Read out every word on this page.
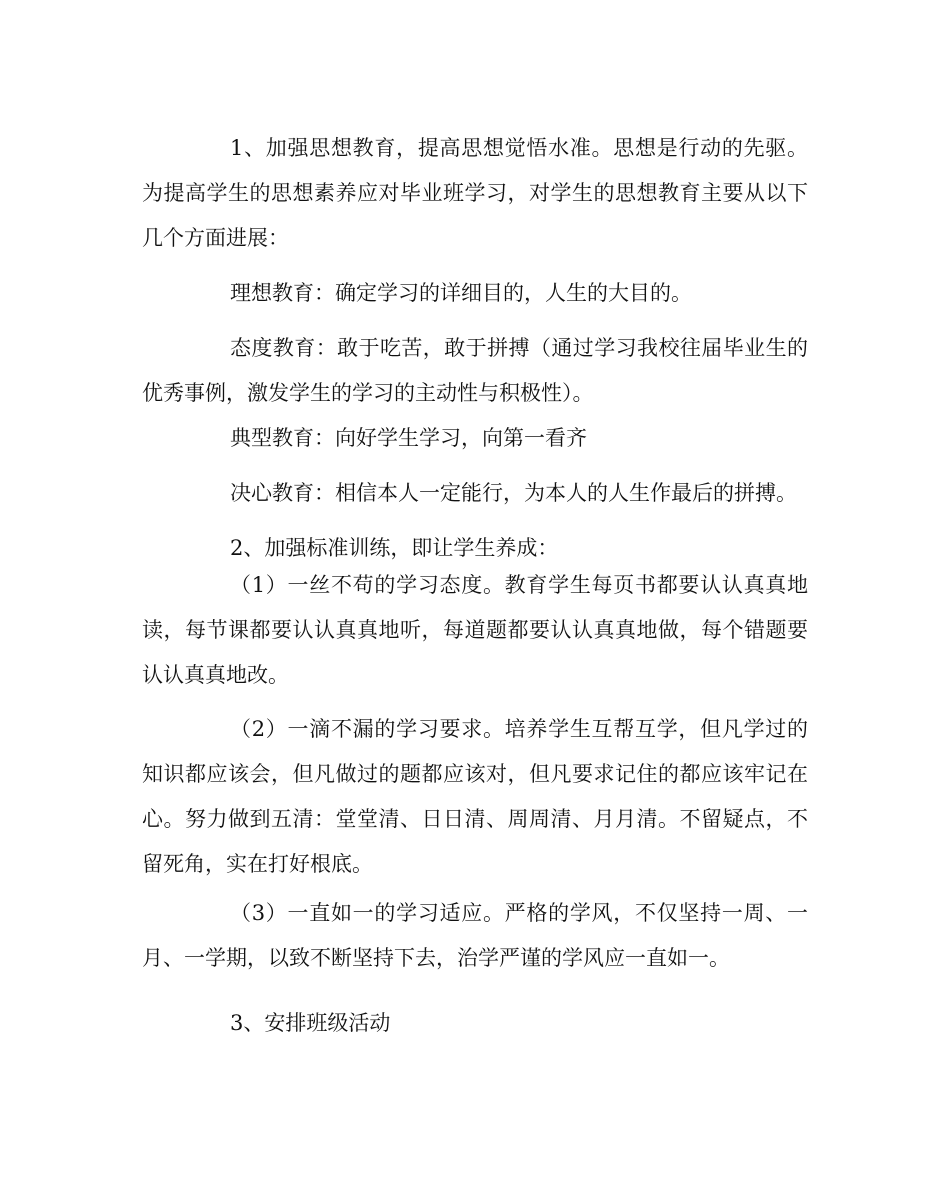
1、加强思想教育，提高思想觉悟水准。思想是行动的先驱。为提高学生的思想素养应对毕业班学习，对学生的思想教育主要从以下几个方面进展：

理想教育：确定学习的详细目的，人生的大目的。

态度教育：敢于吃苦，敢于拼搏（通过学习我校往届毕业生的优秀事例，激发学生的学习的主动性与积极性）。

典型教育：向好学生学习，向第一看齐

决心教育：相信本人一定能行，为本人的人生作最后的拼搏。

2、加强标准训练，即让学生养成：

（1）一丝不苟的学习态度。教育学生每页书都要认认真真地读，每节课都要认认真真地听，每道题都要认认真真地做，每个错题要认认真真地改。

（2）一滴不漏的学习要求。培养学生互帮互学，但凡学过的知识都应该会，但凡做过的题都应该对，但凡要求记住的都应该牢记在心。努力做到五清：堂堂清、日日清、周周清、月月清。不留疑点，不留死角，实在打好根底。

（3）一直如一的学习适应。严格的学风，不仅坚持一周、一月、一学期，以致不断坚持下去，治学严谨的学风应一直如一。

3、安排班级活动
